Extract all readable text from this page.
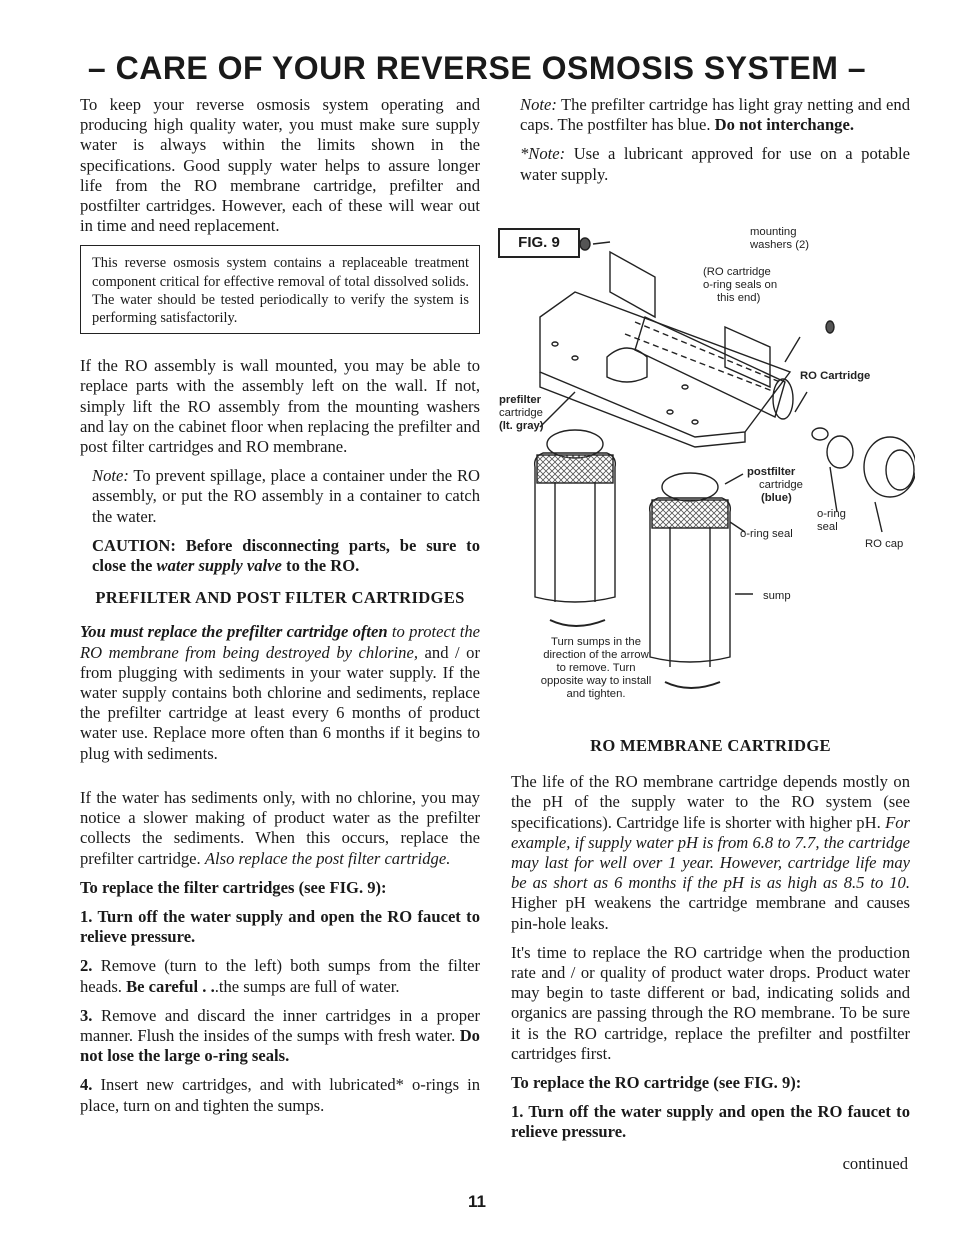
– CARE OF YOUR REVERSE OSMOSIS SYSTEM –

To keep your reverse osmosis system operating and producing high quality water, you must make sure supply water is always within the limits shown in the specifications. Good supply water helps to assure longer life from the RO membrane cartridge, prefilter and postfilter cartridges. However, each of these will wear out in time and need replacement.

This reverse osmosis system contains a replaceable treatment component critical for effective removal of total dissolved solids. The water should be tested periodically to verify the system is performing satisfactorily.

If the RO assembly is wall mounted, you may be able to replace parts with the assembly left on the wall. If not, simply lift the RO assembly from the mounting washers and lay on the cabinet floor when replacing the prefilter and post filter cartridges and RO membrane.

Note: To prevent spillage, place a container under the RO assembly, or put the RO assembly in a container to catch the water.

CAUTION: Before disconnecting parts, be sure to close the water supply valve to the RO.

PREFILTER AND POST FILTER CARTRIDGES

You must replace the prefilter cartridge often to protect the RO membrane from being destroyed by chlorine, and / or from plugging with sediments in your water supply. If the water supply contains both chlorine and sediments, replace the prefilter cartridge at least every 6 months of product water use. Replace more often than 6 months if it begins to plug with sediments.

If the water has sediments only, with no chlorine, you may notice a slower making of product water as the prefilter collects the sediments. When this occurs, replace the prefilter cartridge. Also replace the post filter cartridge.

To replace the filter cartridges (see FIG. 9):

1. Turn off the water supply and open the RO faucet to relieve pressure.

2. Remove (turn to the left) both sumps from the filter heads. Be careful . ..the sumps are full of water.

3. Remove and discard the inner cartridges in a proper manner. Flush the insides of the sumps with fresh water. Do not lose the large o-ring seals.

4. Insert new cartridges, and with lubricated* o-rings in place, turn on and tighten the sumps.

Note: The prefilter cartridge has light gray netting and end caps. The postfilter has blue. Do not interchange.

*Note: Use a lubricant approved for use on a potable water supply.

FIG. 9
mounting
washers (2)
(RO cartridge
o-ring seals on
this end)
RO Cartridge
prefilter
cartridge
(lt. gray)
postfilter
cartridge
(blue)
o-ring seal
o-ring
seal
RO cap
sump
Turn sumps in the
direction of the arrow
to remove. Turn
opposite way to install
and tighten.
RO MEMBRANE CARTRIDGE

The life of the RO membrane cartridge depends mostly on the pH of the supply water to the RO system (see specifications). Cartridge life is shorter with higher pH. For example, if supply water pH is from 6.8 to 7.7, the cartridge may last for well over 1 year. However, cartridge life may be as short as 6 months if the pH is as high as 8.5 to 10. Higher pH weakens the cartridge membrane and causes pin-hole leaks.

It's time to replace the RO cartridge when the production rate and / or quality of product water drops. Product water may begin to taste different or bad, indicating solids and organics are passing through the RO membrane. To be sure it is the RO cartridge, replace the prefilter and postfilter cartridges first.

To replace the RO cartridge (see FIG. 9):

1. Turn off the water supply and open the RO faucet to relieve pressure.

continued
11
